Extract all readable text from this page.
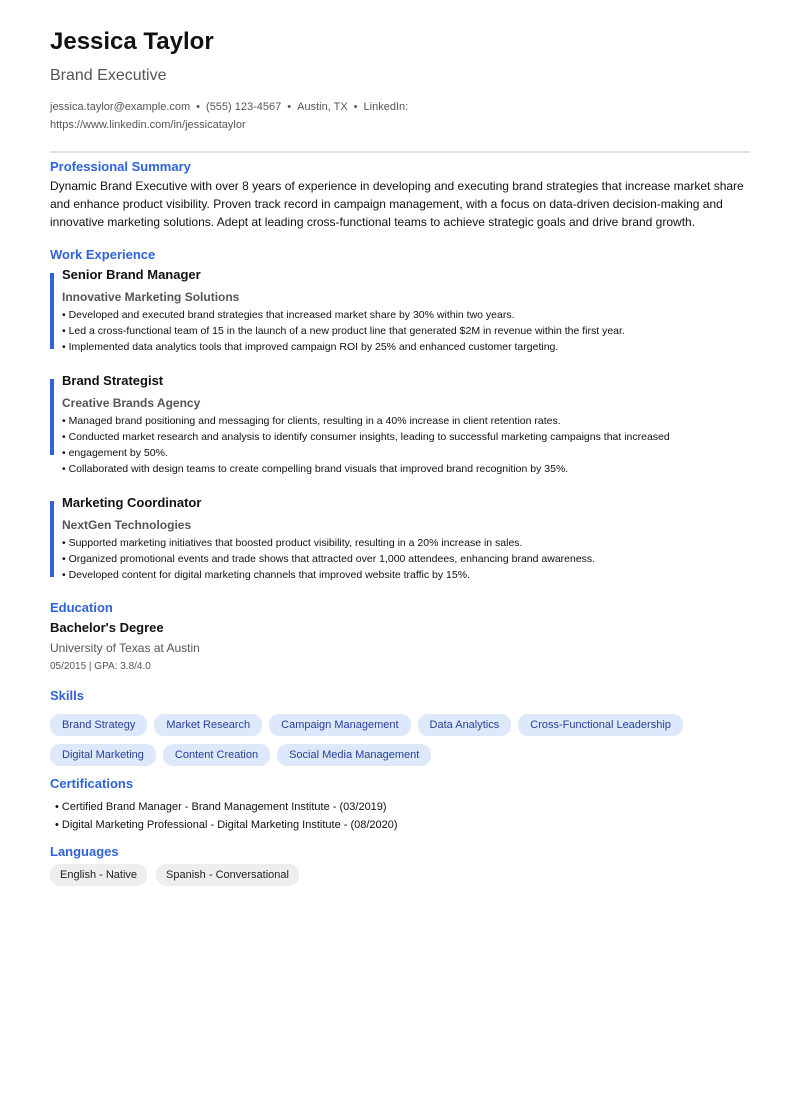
Jessica Taylor
Brand Executive
jessica.taylor@example.com • (555) 123-4567 • Austin, TX • LinkedIn: https://www.linkedin.com/in/jessicataylor
Professional Summary
Dynamic Brand Executive with over 8 years of experience in developing and executing brand strategies that increase market share and enhance product visibility. Proven track record in campaign management, with a focus on data-driven decision-making and innovative marketing solutions. Adept at leading cross-functional teams to achieve strategic goals and drive brand growth.
Work Experience
Senior Brand Manager
Innovative Marketing Solutions
• Developed and executed brand strategies that increased market share by 30% within two years.
• Led a cross-functional team of 15 in the launch of a new product line that generated $2M in revenue within the first year.
• Implemented data analytics tools that improved campaign ROI by 25% and enhanced customer targeting.
Brand Strategist
Creative Brands Agency
• Managed brand positioning and messaging for clients, resulting in a 40% increase in client retention rates.
• Conducted market research and analysis to identify consumer insights, leading to successful marketing campaigns that increased
• engagement by 50%.
• Collaborated with design teams to create compelling brand visuals that improved brand recognition by 35%.
Marketing Coordinator
NextGen Technologies
• Supported marketing initiatives that boosted product visibility, resulting in a 20% increase in sales.
• Organized promotional events and trade shows that attracted over 1,000 attendees, enhancing brand awareness.
• Developed content for digital marketing channels that improved website traffic by 15%.
Education
Bachelor's Degree
University of Texas at Austin
05/2015 | GPA: 3.8/4.0
Skills
Brand Strategy	Market Research	Campaign Management	Data Analytics	Cross-Functional Leadership
Digital Marketing	Content Creation	Social Media Management
Certifications
• Certified Brand Manager - Brand Management Institute - (03/2019)
• Digital Marketing Professional - Digital Marketing Institute - (08/2020)
Languages
English - Native	Spanish - Conversational
